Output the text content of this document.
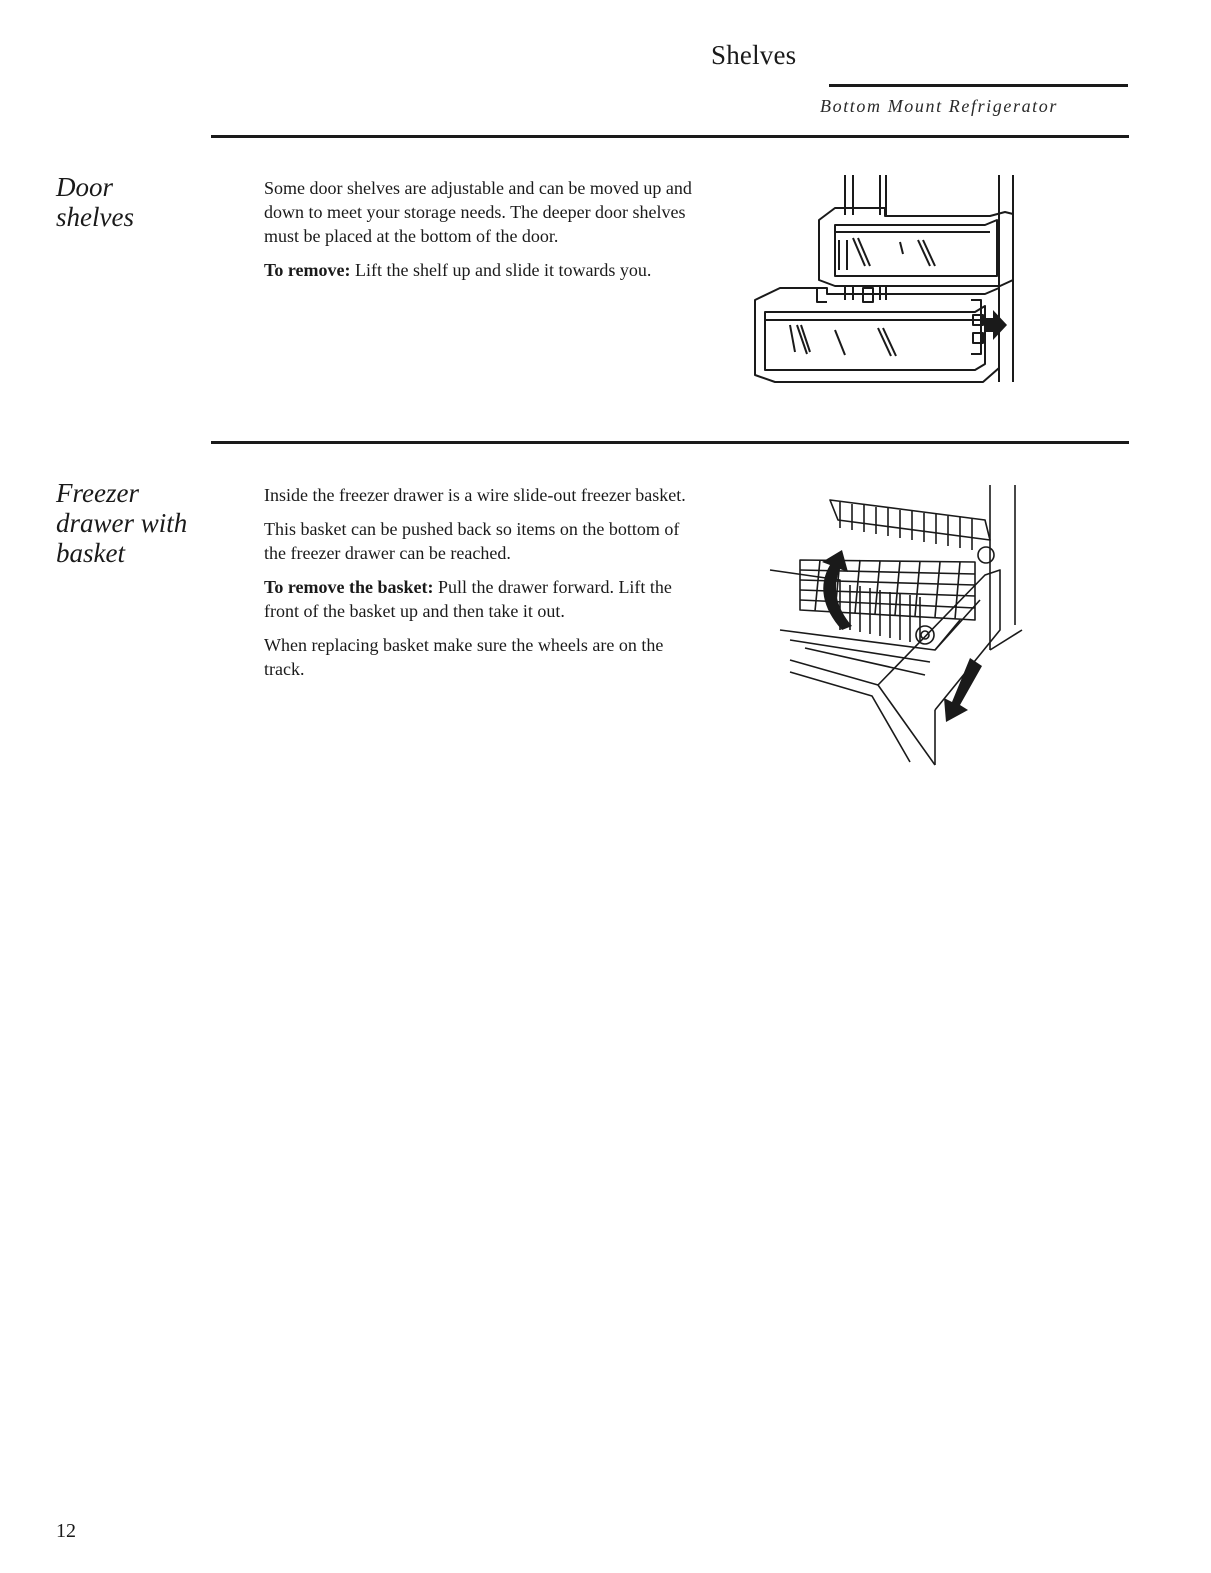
Shelves
Bottom Mount Refrigerator
Door
shelves

Some door shelves are adjustable and can be moved up and down to meet your storage needs. The deeper door shelves must be placed at the bottom of the door.

To remove: Lift the shelf up and slide it towards you.

Freezer
drawer with
basket

Inside the freezer drawer is a wire slide-out freezer basket.

This basket can be pushed back so items on the bottom of the freezer drawer can be reached.

To remove the basket: Pull the drawer forward. Lift the front of the basket up and then take it out.

When replacing basket make sure the wheels are on the track.

12
